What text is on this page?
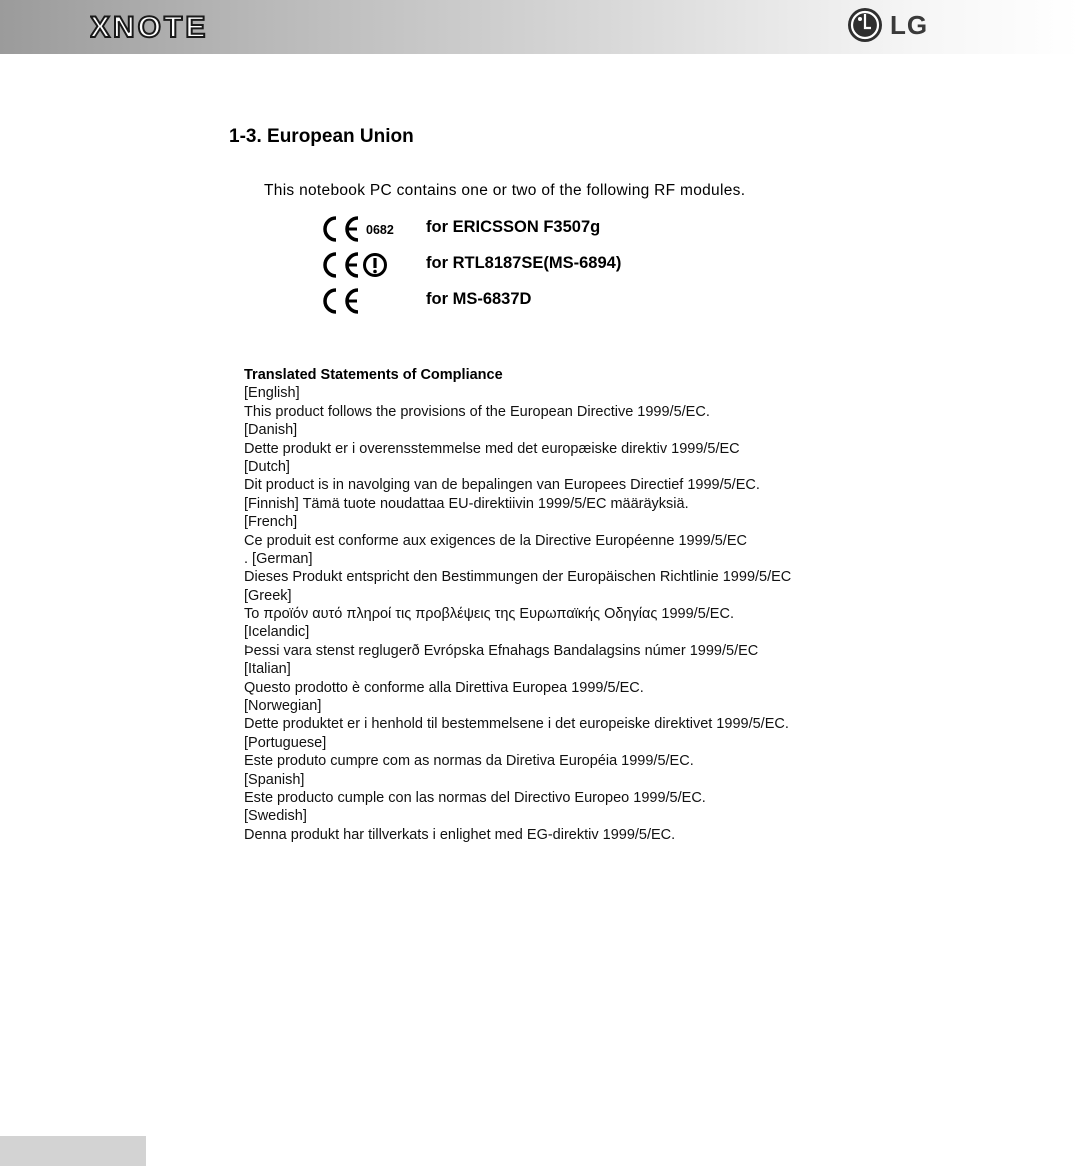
XNOTE	LG
1-3. European Union
This notebook PC contains one or two of the following RF modules.
0682 for ERICSSON F3507g
for RTL8187SE(MS-6894)
for MS-6837D
Translated Statements of Compliance
[English]
This product follows the provisions of the European Directive 1999/5/EC.
[Danish]
Dette produkt er i overensstemmelse med det europæiske direktiv 1999/5/EC
[Dutch]
Dit product is in navolging van de bepalingen van Europees Directief 1999/5/EC.
[Finnish] Tämä tuote noudattaa EU-direktiivin 1999/5/EC määräyksiä.
[French]
Ce produit est conforme aux exigences de la Directive Européenne 1999/5/EC
. [German]
Dieses Produkt entspricht den Bestimmungen der Europäischen Richtlinie 1999/5/EC
[Greek]
Το προϊόν αυτό πληροί τις προβλέψεις της Ευρωπαϊκής Οδηγίας 1999/5/EC.
[Icelandic]
Þessi vara stenst reglugerð Evrópska Efnahags Bandalagsins númer 1999/5/EC
[Italian]
Questo prodotto è conforme alla Direttiva Europea 1999/5/EC.
[Norwegian]
Dette produktet er i henhold til bestemmelsene i det europeiske direktivet 1999/5/EC.
[Portuguese]
Este produto cumpre com as normas da Diretiva Européia 1999/5/EC.
[Spanish]
Este producto cumple con las normas del Directivo Europeo 1999/5/EC.
[Swedish]
Denna produkt har tillverkats i enlighet med EG-direktiv 1999/5/EC.
